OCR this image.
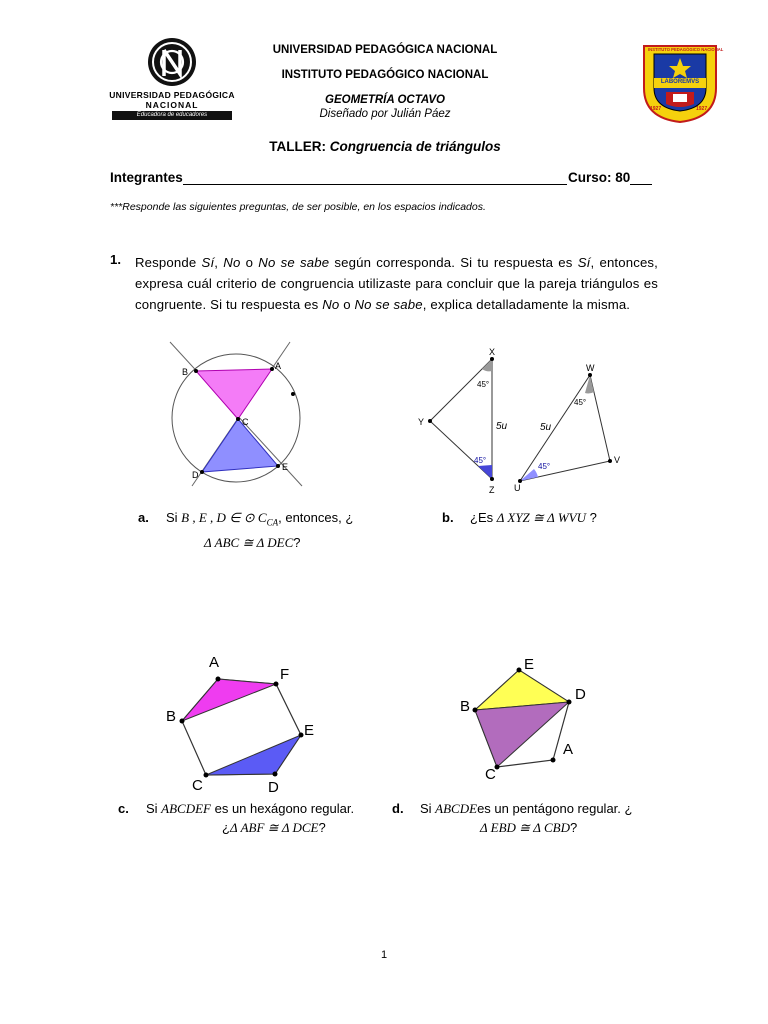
UNIVERSIDAD PEDAGÓGICA
NACIONAL
Educadora de educadores
UNIVERSIDAD PEDAGÓGICA NACIONAL
INSTITUTO PEDAGÓGICO NACIONAL
GEOMETRÍA OCTAVO
Diseñado por Julián Páez
INSTITUTO PEDAGÓGICO NACIONAL
LABOREMVS
1927	1927
TALLER: Congruencia de triángulos
Integrantes	Curso: 80
***Responde las siguientes preguntas, de ser posible, en los espacios indicados.
1. Responde Sí, No o No se sabe según corresponda. Si tu respuesta es Sí, entonces, expresa cuál criterio de congruencia utilizaste para concluir que la pareja triángulos es congruente. Si tu respuesta es No o No se sabe, explica detalladamente la misma.
B
A
C
D
E
X
Y
Z
W
V
U
45°
45°
45°
45°
5u	5u
a. Si B , E , D ∈ ⊙ $C_{CA}$, entonces, ¿
Δ ABC ≅ Δ DEC?
b. ¿Es Δ XYZ ≅ Δ WVU ?
A
F
B
E
C	D
E
D
B
A
C
c. Si ABCDEF es un hexágono regular.
¿Δ ABF ≅ Δ DCE?
d. Si ABCDEes un pentágono regular. ¿
Δ EBD ≅ Δ CBD?
1
